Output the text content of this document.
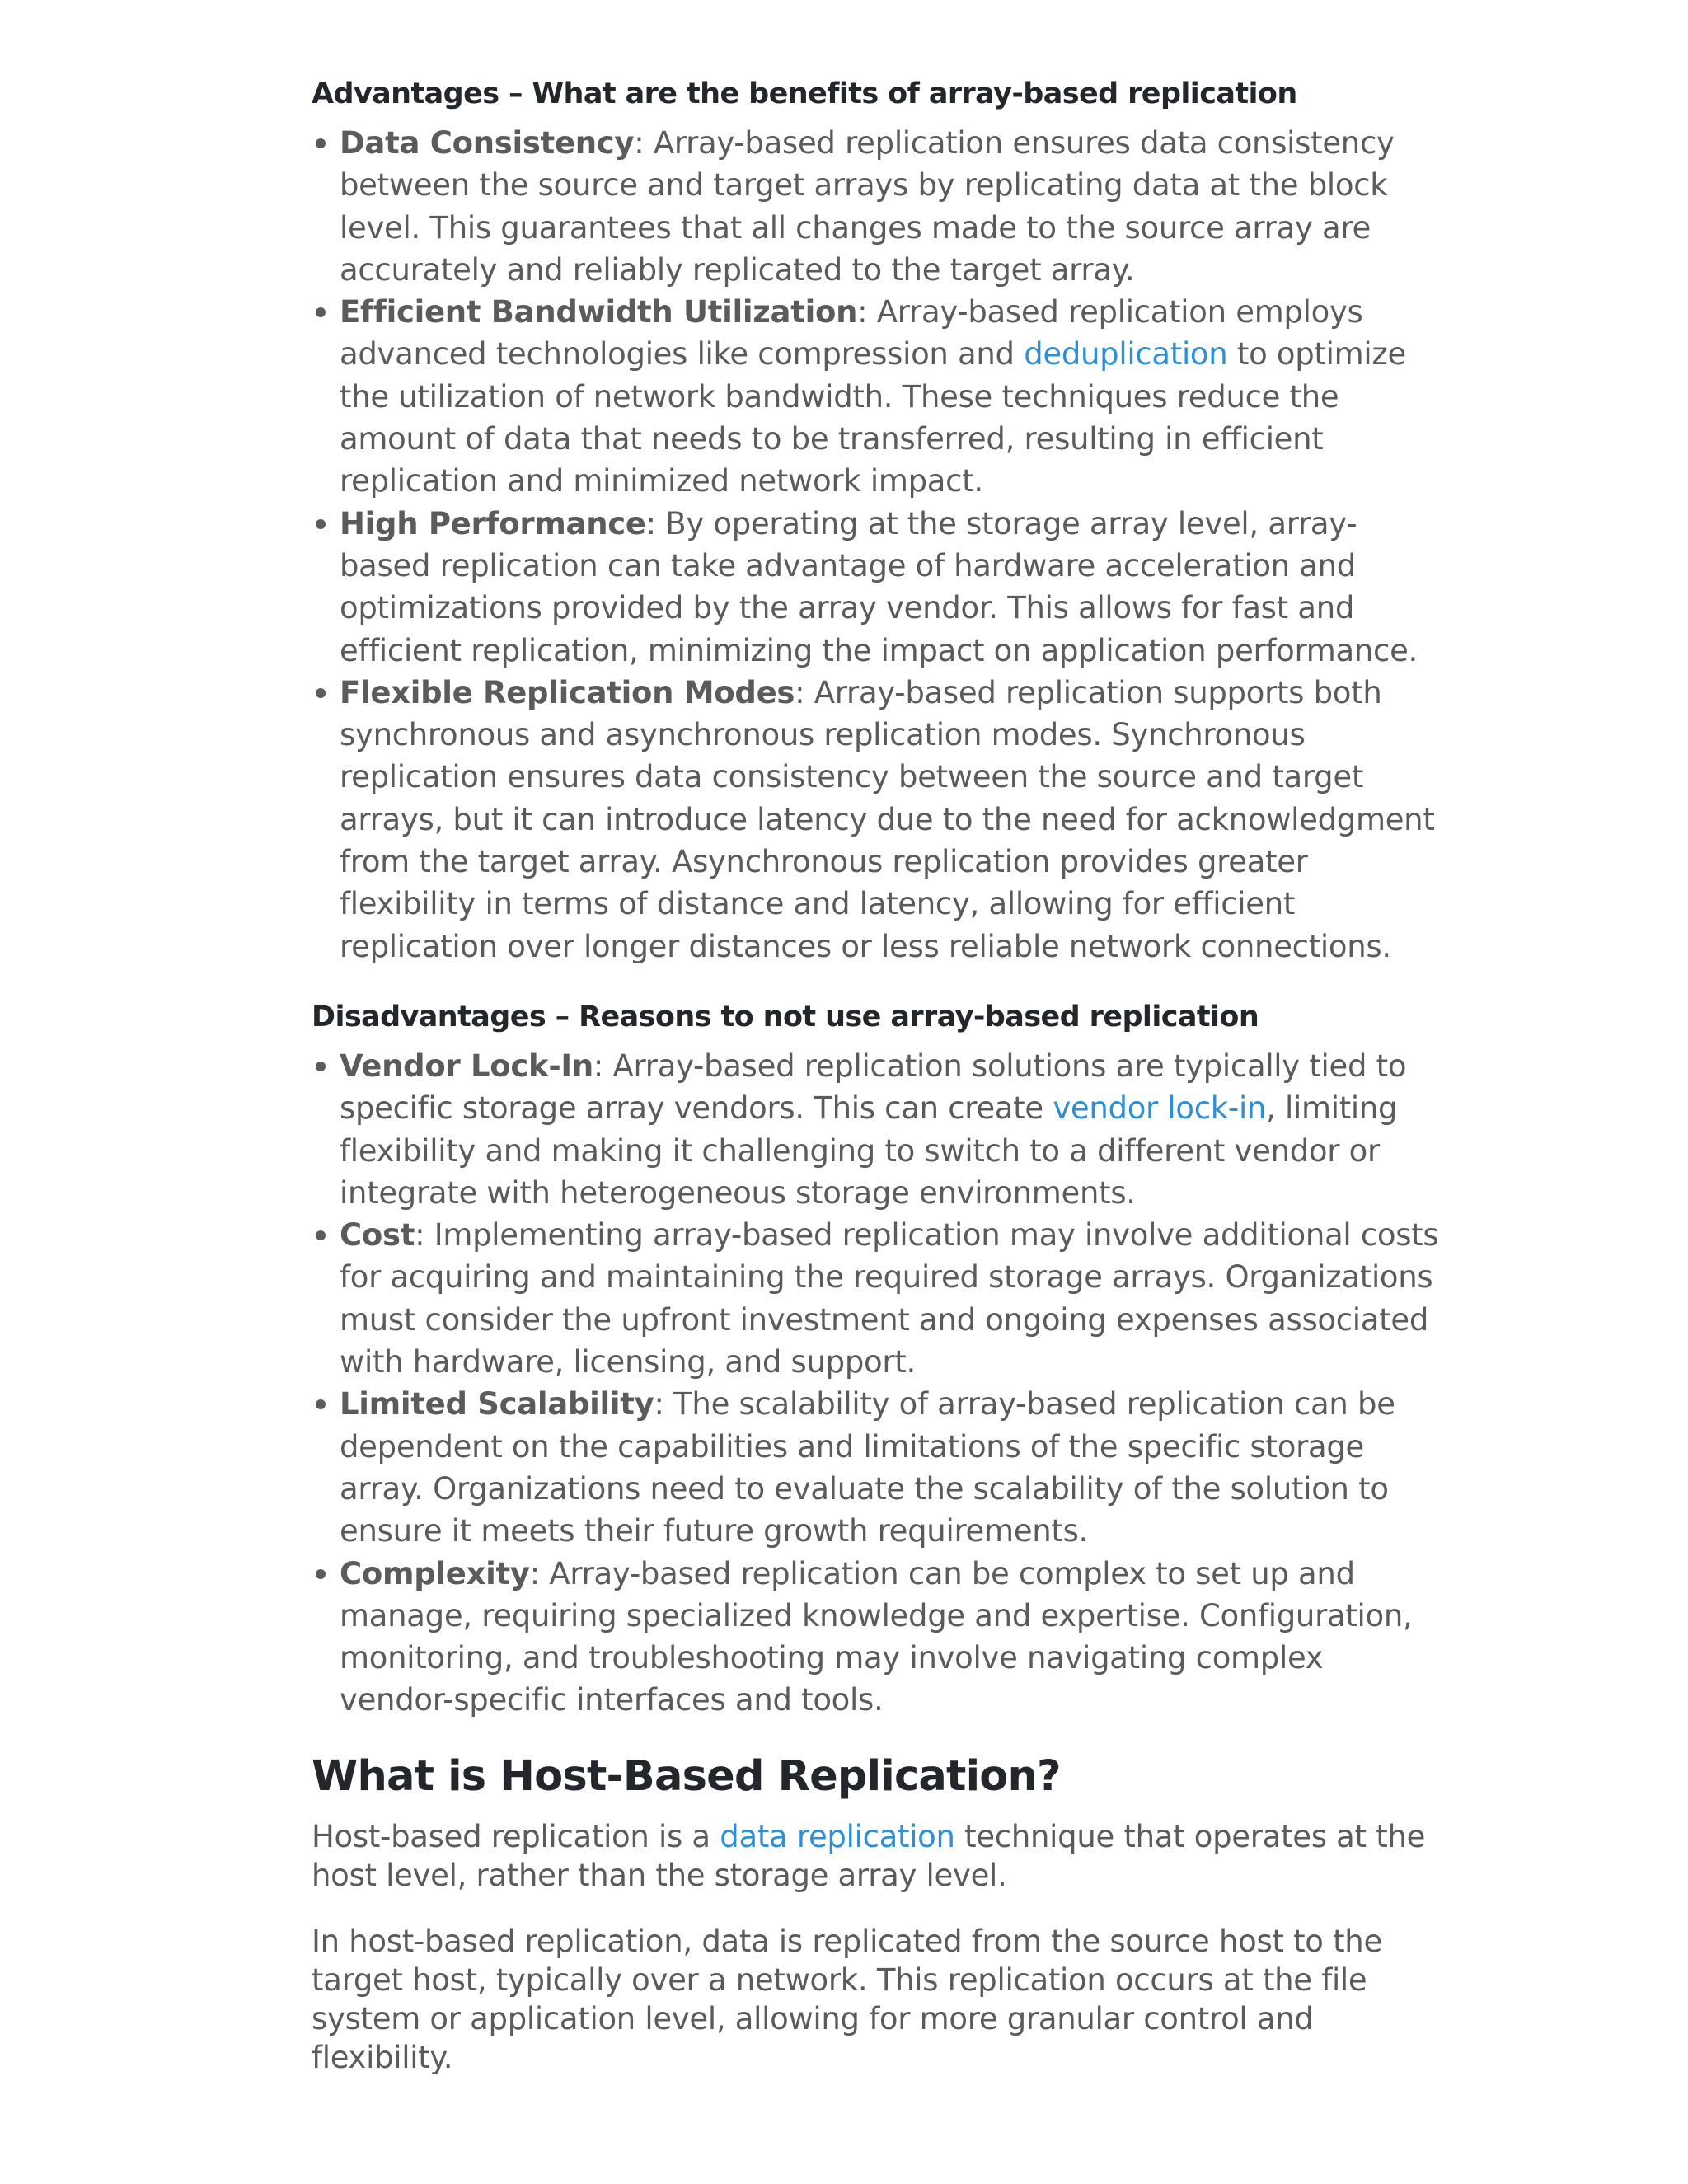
Advantages – What are the benefits of array-based replication
Data Consistency: Array-based replication ensures data consistency between the source and target arrays by replicating data at the block level. This guarantees that all changes made to the source array are accurately and reliably replicated to the target array.
Efficient Bandwidth Utilization: Array-based replication employs advanced technologies like compression and deduplication to optimize the utilization of network bandwidth. These techniques reduce the amount of data that needs to be transferred, resulting in efficient replication and minimized network impact.
High Performance: By operating at the storage array level, array-based replication can take advantage of hardware acceleration and optimizations provided by the array vendor. This allows for fast and efficient replication, minimizing the impact on application performance.
Flexible Replication Modes: Array-based replication supports both synchronous and asynchronous replication modes. Synchronous replication ensures data consistency between the source and target arrays, but it can introduce latency due to the need for acknowledgment from the target array. Asynchronous replication provides greater flexibility in terms of distance and latency, allowing for efficient replication over longer distances or less reliable network connections.
Disadvantages – Reasons to not use array-based replication
Vendor Lock-In: Array-based replication solutions are typically tied to specific storage array vendors. This can create vendor lock-in, limiting flexibility and making it challenging to switch to a different vendor or integrate with heterogeneous storage environments.
Cost: Implementing array-based replication may involve additional costs for acquiring and maintaining the required storage arrays. Organizations must consider the upfront investment and ongoing expenses associated with hardware, licensing, and support.
Limited Scalability: The scalability of array-based replication can be dependent on the capabilities and limitations of the specific storage array. Organizations need to evaluate the scalability of the solution to ensure it meets their future growth requirements.
Complexity: Array-based replication can be complex to set up and manage, requiring specialized knowledge and expertise. Configuration, monitoring, and troubleshooting may involve navigating complex vendor-specific interfaces and tools.
What is Host-Based Replication?

Host-based replication is a data replication technique that operates at the host level, rather than the storage array level.

In host-based replication, data is replicated from the source host to the target host, typically over a network. This replication occurs at the file system or application level, allowing for more granular control and flexibility.
